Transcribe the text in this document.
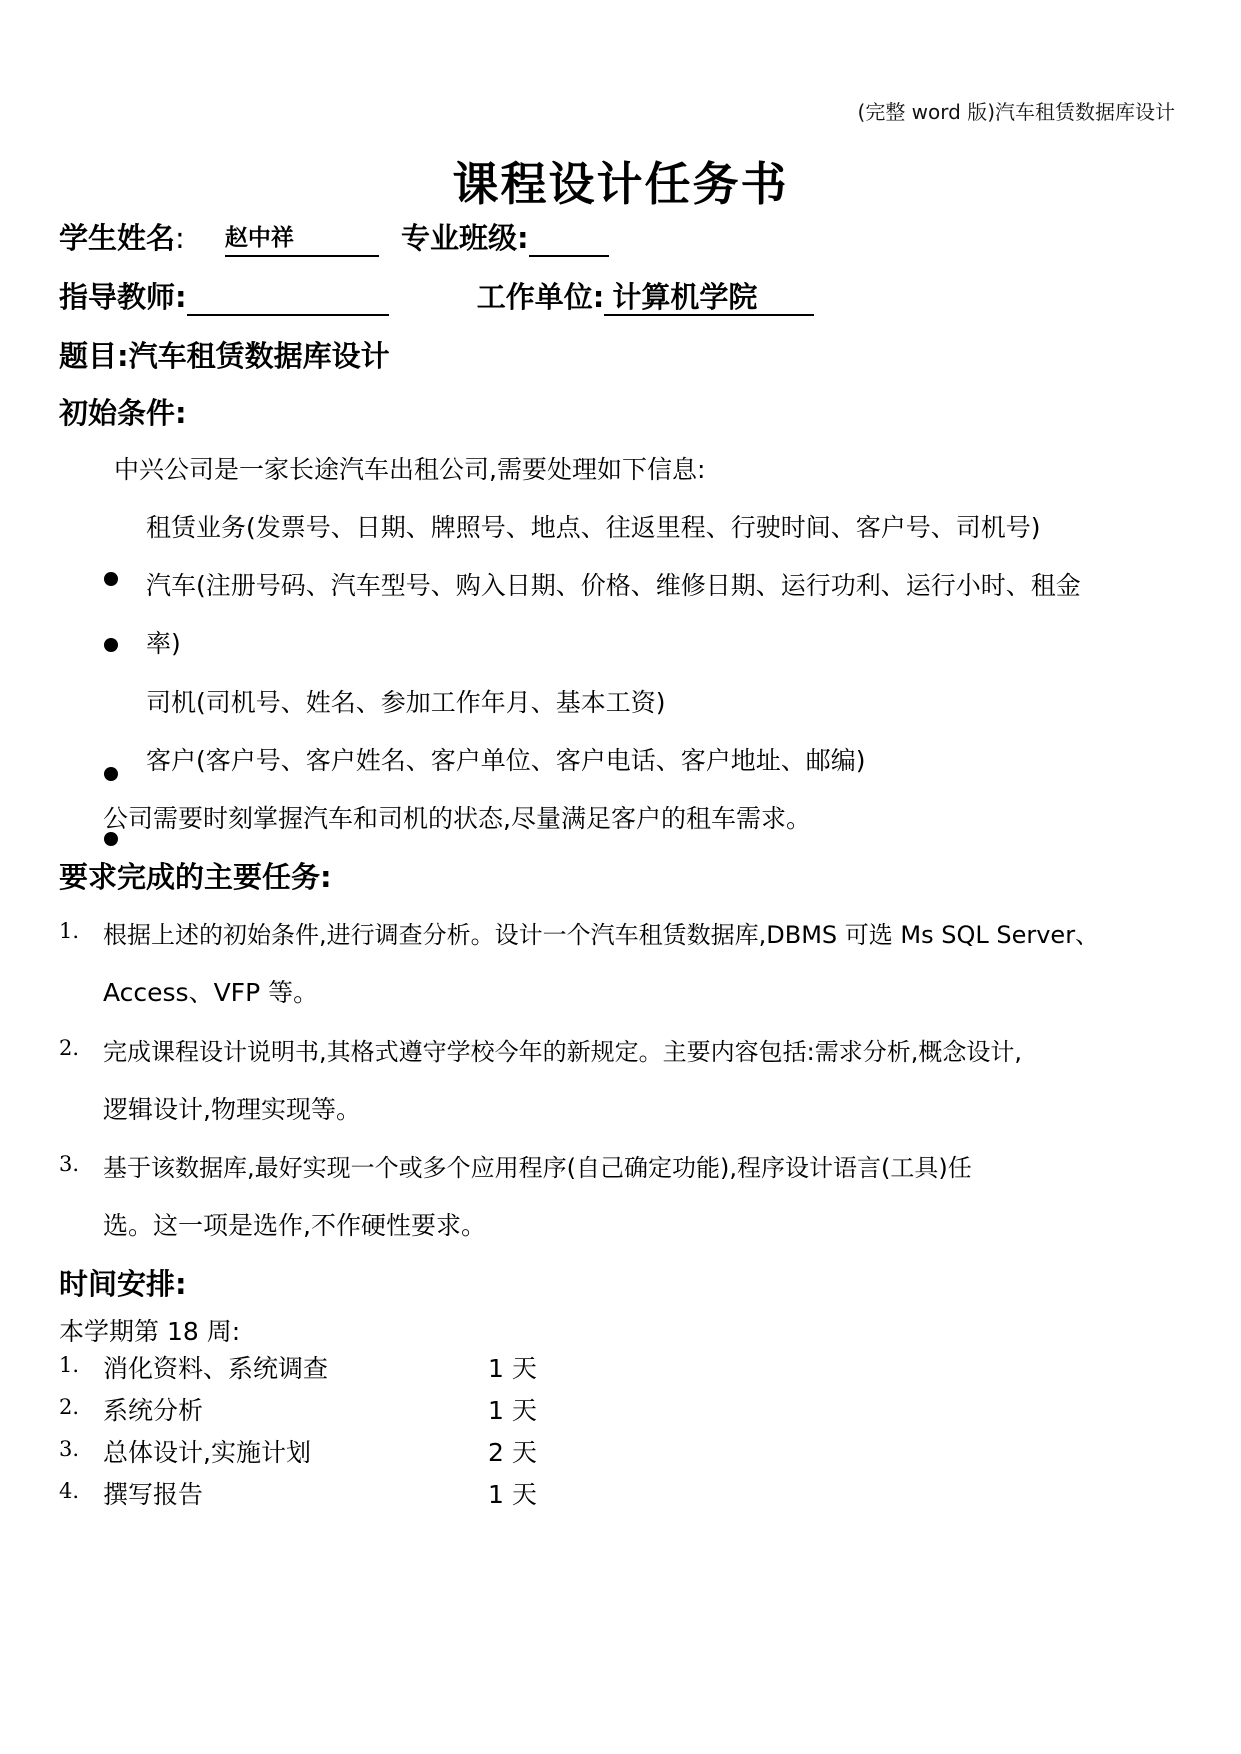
(完整 word 版)汽车租赁数据库设计
课程设计任务书
学生姓名: 赵中祥	专业班级:
指导教师:	工作单位: 计算机学院
题目:汽车租赁数据库设计
初始条件:
中兴公司是一家长途汽车出租公司,需要处理如下信息:
租赁业务(发票号、日期、牌照号、地点、往返里程、行驶时间、客户号、司机号)
汽车(注册号码、汽车型号、购入日期、价格、维修日期、运行功利、运行小时、租金
率)
司机(司机号、姓名、参加工作年月、基本工资)
客户(客户号、客户姓名、客户单位、客户电话、客户地址、邮编)
公司需要时刻掌握汽车和司机的状态,尽量满足客户的租车需求。
要求完成的主要任务:
1. 根据上述的初始条件,进行调查分析。设计一个汽车租赁数据库,DBMS 可选 Ms SQL Server、
Access、VFP 等。
2. 完成课程设计说明书,其格式遵守学校今年的新规定。主要内容包括:需求分析,概念设计,
逻辑设计,物理实现等。
3. 基于该数据库,最好实现一个或多个应用程序(自己确定功能),程序设计语言(工具)任
选。这一项是选作,不作硬性要求。
时间安排:
本学期第 18 周:
1. 消化资料、系统调查	1 天
2. 系统分析	1 天
3. 总体设计,实施计划	2 天
4. 撰写报告	1 天
